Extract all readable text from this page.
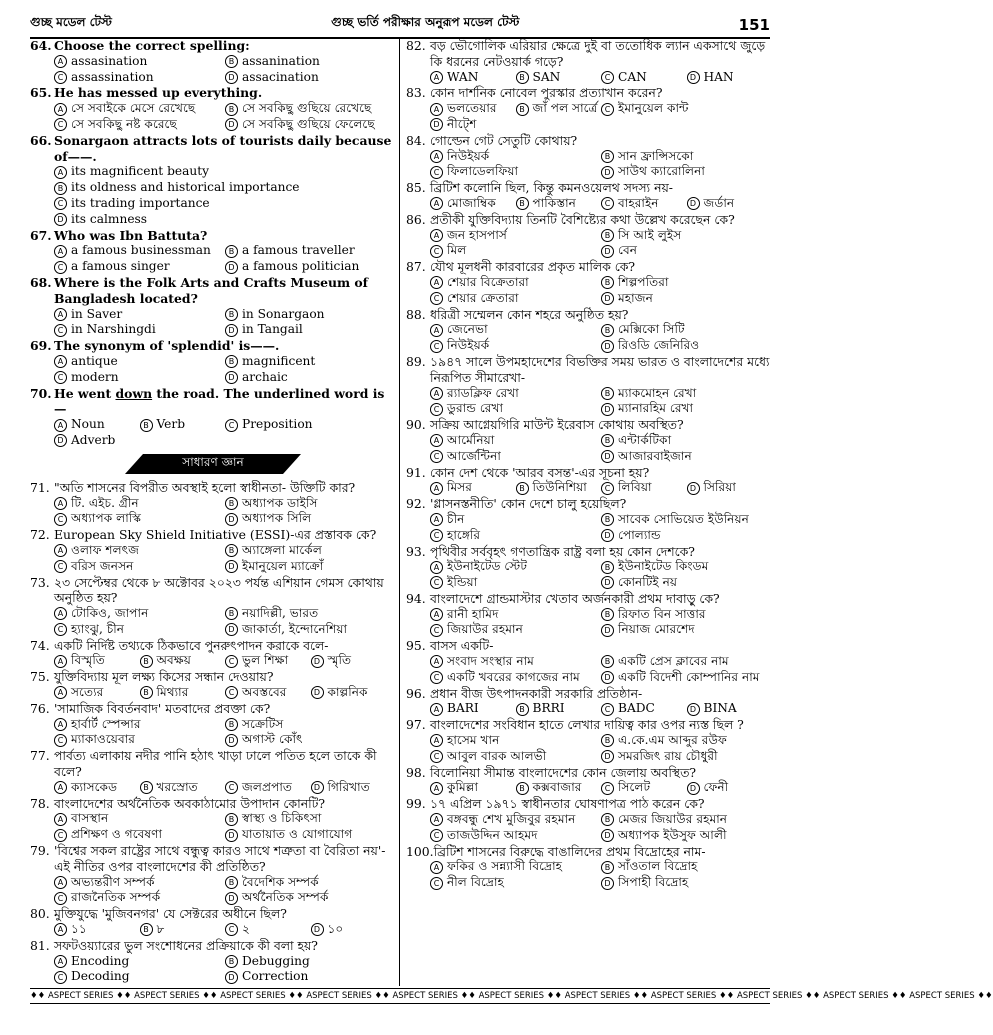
গুচ্ছ মডেল টেস্ট	গুচ্ছ ভর্তি পরীক্ষার অনুরূপ মডেল টেস্ট	151
64. Choose the correct spelling:
A assasination	B assanination
C assassination	D assacination
65. He has messed up everything.
A সে সবাইকে মেসে রেখেছে	B সে সবকিছু গুছিয়ে রেখেছে
C সে সবকিছু নষ্ট করেছে	D সে সবকিছু গুছিয়ে ফেলেছে
66. Sonargaon attracts lots of tourists daily because of——.
A its magnificent beauty
B its oldness and historical importance
C its trading importance
D its calmness
67. Who was Ibn Battuta?
A a famous businessman	B a famous traveller
C a famous singer	D a famous politician
68. Where is the Folk Arts and Crafts Museum of Bangladesh located?
A in Saver	B in Sonargaon
C in Narshingdi	D in Tangail
69. The synonym of 'splendid' is——.
A antique	B magnificent
C modern	D archaic
70. He went down the road. The underlined word is —
A Noun	B Verb	C Preposition
D Adverb
সাধারণ জ্ঞান
71. "অতি শাসনের বিপরীত অবস্থাই হলো স্বাধীনতা- উক্তিটি কার?
A টি. এইচ. গ্রীন	B অধ্যাপক ডাইসি
C অধ্যাপক লাস্কি	D অধ্যাপক সিলি
72. European Sky Shield Initiative (ESSI)-এর প্রস্তাবক কে?
A ওলাফ শলৎজ	B অ্যাঙ্গেলা মার্কেল
C বরিস জনসন	D ইমানুয়েল ম্যাক্রোঁ
73. ২৩ সেপ্টেম্বর থেকে ৮ অক্টোবর ২০২৩ পর্যন্ত এশিয়ান গেমস কোথায় অনুষ্ঠিত হয়?
A টোকিও, জাপান	B নয়াদিল্লী, ভারত
C হ্যাংঝু, চীন	D জাকার্তা, ইন্দোনেশিয়া
74. একটি নির্দিষ্ট তথ্যকে ঠিকভাবে পুনরুৎপাদন করাকে বলে-
A বিস্মৃতি	B অবক্ষয়	C ভুল শিক্ষা	D স্মৃতি
75. যুক্তিবিদ্যায় মূল লক্ষ্য কিসের সন্ধান দেওয়ায়?
A সত্যের	B মিথ্যার	C অবস্তবের	D কাল্পনিক
76. 'সামাজিক বিবর্তনবাদ' মতবাদের প্রবক্তা কে?
A হার্বার্ট স্পেন্সার	B সক্রেটিস
C ম্যাকাওয়েবার	D অগাস্ট কোঁৎ
77. পার্বত্য এলাকায় নদীর পানি হঠাৎ খাড়া ঢালে পতিত হলে তাকে কী বলে?
A ক্যাসকেড	B খরস্রোত	C জলপ্রপাত	D গিরিখাত
78. বাংলাদেশের অর্থনৈতিক অবকাঠামোর উপাদান কোনটি?
A বাসস্থান	B স্বাস্থ্য ও চিকিৎসা
C প্রশিক্ষণ ও গবেষণা	D যাতায়াত ও যোগাযোগ
79. 'বিশ্বের সকল রাষ্ট্রের সাথে বন্ধুত্ব কারও সাথে শত্রুতা বা বৈরিতা নয়'- এই নীতির ওপর বাংলাদেশের কী প্রতিষ্ঠিত?
A অভ্যন্তরীণ সম্পর্ক	B বৈদেশিক সম্পর্ক
C রাজনৈতিক সম্পর্ক	D অর্থনৈতিক সম্পর্ক
80. মুক্তিযুদ্ধে 'মুজিবনগর' যে সেক্টরের অধীনে ছিল?
A ১১	B ৮	C ২	D ১০
81. সফটওয়্যারের ভুল সংশোধনের প্রক্রিয়াকে কী বলা হয়?
A Encoding	B Debugging
C Decoding	D Correction
82. বড় ভৌগোলিক এরিয়ার ক্ষেত্রে দুই বা ততোধিক ল্যান একসাথে জুড়ে কি ধরনের নেটওয়ার্ক গড়ে?
A WAN	B SAN	C CAN	D HAN
83. কোন দার্শনিক নোবেল পুরস্কার প্রত্যাখান করেন?
A ভলতেয়ার	B জাঁ পল সার্ত্রে C ইমানুয়েল কান্ট
D নীট্শে
84. গোল্ডেন গেট সেতুটি কোথায়?
A নিউইয়র্ক	B সান ফ্রান্সিসকো
C ফিলাডেলফিয়া	D সাউথ ক্যারোলিনা
85. ব্রিটিশ কলোনি ছিল, কিন্তু কমনওয়েলথ সদস্য নয়-
A মোজাম্বিক	B পাকিস্তান	C বাহরাইন	D জর্ডান
86. প্রতীকী যুক্তিবিদ্যায় তিনটি বৈশিষ্ট্যের কথা উল্লেখ করেছেন কে?
A জন হাসপার্স	B সি আই লুইস
C মিল	D বেন
87. যৌথ মূলধনী কারবারের প্রকৃত মালিক কে?
A শেয়ার বিক্রেতারা	B শিল্পপতিরা
C শেয়ার ক্রেতারা	D মহাজন
88. ধরিত্রী সম্মেলন কোন শহরে অনুষ্ঠিত হয়?
A জেনেভা	B মেক্সিকো সিটি
C নিউইয়র্ক	D রিওডি জেনিরিও
89. ১৯৪৭ সালে উপমহাদেশের বিভক্তির সময় ভারত ও বাংলাদেশের মধ্যে নিরূপিত সীমারেখা-
A র‍্যাডক্লিফ রেখা	B ম্যাকমোহন রেখা
C ডুরান্ড রেখা	D ম্যানারহিম রেখা
90. সক্রিয় আগ্নেয়গিরি মাউন্ট ইরেবাস কোথায় অবস্থিত?
A আর্মেনিয়া	B এন্টার্কটিকা
C আর্জেন্টিনা	D আজারবাইজান
91. কোন দেশ থেকে 'আরব বসন্ত'-এর সূচনা হয়?
A মিসর	B তিউনিশিয়া	C লিবিয়া	D সিরিয়া
92. 'গ্লাসনস্তনীতি' কোন দেশে চালু হয়েছিল?
A চীন	B সাবেক সোভিয়েত ইউনিয়ন
C হাঙ্গেরি	D পোল্যান্ড
93. পৃথিবীর সর্ববৃহৎ গণতান্ত্রিক রাষ্ট্র বলা হয় কোন দেশকে?
A ইউনাইটেড স্টেট	B ইউনাইটেড কিংডম
C ইন্ডিয়া	D কোনটিই নয়
94. বাংলাদেশে গ্রান্ডমাস্টার খেতাব অর্জনকারী প্রথম দাবাড়ু কে?
A রানী হামিদ	B রিফাত বিন সাত্তার
C জিয়াউর রহমান	D নিয়াজ মোরশেদ
95. বাসস একটি-
A সংবাদ সংস্থার নাম	B একটি প্রেস ক্লাবের নাম
C একটি খবরের কাগজের নাম	D একটি বিদেশী কোম্পানির নাম
96. প্রধান বীজ উৎপাদনকারী সরকারি প্রতিষ্ঠান-
A BARI	B BRRI	C BADC	D BINA
97. বাংলাদেশের সংবিধান হাতে লেখার দায়িত্ব কার ওপর ন্যস্ত ছিল ?
A হাসেম খান	B এ.কে.এম আব্দুর রউফ
C আবুল বারক আলভী	D সমরজিৎ রায় চৌধুরী
98. বিলোনিয়া সীমান্ত বাংলাদেশের কোন জেলায় অবস্থিত?
A কুমিল্লা	B কক্সবাজার	C সিলেট	D ফেনী
99. ১৭ এপ্রিল ১৯৭১ স্বাধীনতার ঘোষণাপত্র পাঠ করেন কে?
A বঙ্গবন্ধু শেখ মুজিবুর রহমান	B মেজর জিয়াউর রহমান
C তাজউদ্দিন আহমদ	D অধ্যাপক ইউসুফ আলী
100. ব্রিটিশ শাসনের বিরুদ্ধে বাঙালিদের প্রথম বিদ্রোহের নাম-
A ফকির ও সন্ন্যাসী বিদ্রোহ	B সাঁওতাল বিদ্রোহ
C নীল বিদ্রোহ	D সিপাহী বিদ্রোহ
♦♦ ASPECT SERIES ♦♦ ASPECT SERIES ♦♦ ASPECT SERIES ♦♦ ASPECT SERIES ♦♦ ASPECT SERIES ♦♦ ASPECT SERIES ♦♦ ASPECT SERIES ♦♦ ASPECT SERIES ♦♦ ASPECT SERIES ♦♦ ASPECT SERIES ♦♦ ASPECT SERIES ♦♦
